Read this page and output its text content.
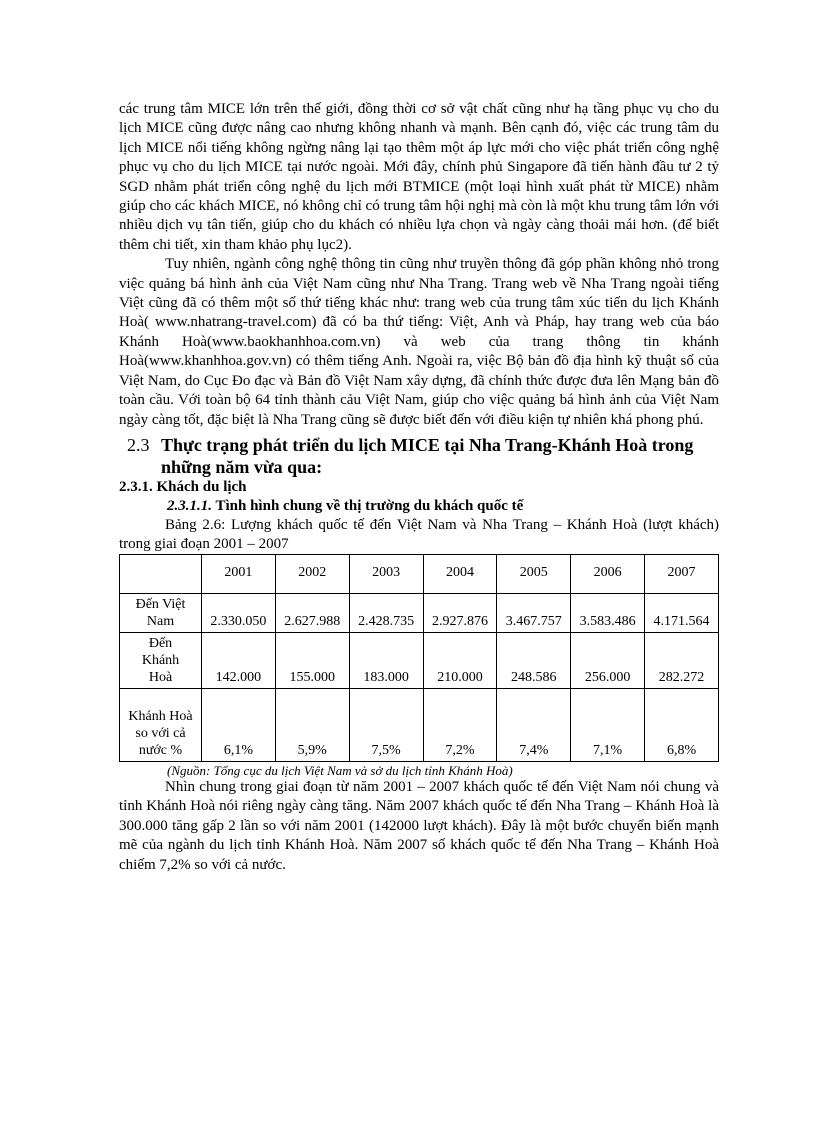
các trung tâm MICE lớn trên thế giới, đồng thời cơ sở vật chất cũng như hạ tầng phục vụ cho du lịch MICE cũng được nâng cao nhưng không nhanh và mạnh. Bên cạnh đó, việc các trung tâm du lịch MICE nổi tiếng không ngừng nâng lại tạo thêm một áp lực mới cho việc phát triển công nghệ phục vụ cho du lịch MICE tại nước ngoài. Mới đây, chính phủ Singapore đã tiến hành đầu tư 2 tỷ SGD nhằm phát triển công nghệ du lịch mới BTMICE (một loại hình xuất phát từ MICE) nhằm giúp cho các khách MICE, nó không chỉ có trung tâm hội nghị mà còn là một khu trung tâm lớn với nhiều dịch vụ tân tiến, giúp cho du khách có nhiều lựa chọn và ngày càng thoải mái hơn. (để biết thêm chi tiết, xin tham khảo phụ lục2).

Tuy nhiên, ngành công nghệ thông tin cũng như truyền thông đã góp phần không nhỏ trong việc quảng bá hình ảnh của Việt Nam cũng như Nha Trang. Trang web về Nha Trang ngoài tiếng Việt cũng đã có thêm một số thứ tiếng khác như: trang web của trung tâm xúc tiến du lịch Khánh Hoà( www.nhatrang-travel.com) đã có ba thứ tiếng: Việt, Anh và Pháp, hay trang web của báo Khánh Hoà(www.baokhanhhoa.com.vn) và web của trang thông tin khánh Hoà(www.khanhhoa.gov.vn) có thêm tiếng Anh. Ngoài ra, việc Bộ bản đồ địa hình kỹ thuật số của Việt Nam, do Cục Đo đạc và Bản đồ Việt Nam xây dựng, đã chính thức được đưa lên Mạng bản đồ toàn cầu. Với toàn bộ 64 tỉnh thành cảu Việt Nam, giúp cho việc quảng bá hình ảnh của Việt Nam ngày càng tốt, đặc biệt là Nha Trang cũng sẽ được biết đến với điều kiện tự nhiên khá phong phú.

2.3 Thực trạng phát triển du lịch MICE tại Nha Trang-Khánh Hoà trong những năm vừa qua:

2.3.1. Khách du lịch

2.3.1.1. Tình hình chung về thị trường du khách quốc tế

Bảng 2.6: Lượng khách quốc tế đến Việt Nam và Nha Trang – Khánh Hoà (lượt khách) trong giai đoạn 2001 – 2007

	2001	2002	2003	2004	2005	2006	2007
Đến Việt Nam	2.330.050	2.627.988	2.428.735	2.927.876	3.467.757	3.583.486	4.171.564
Đến Khánh Hoà	142.000	155.000	183.000	210.000	248.586	256.000	282.272
Khánh Hoà so với cả nước %	6,1%	5,9%	7,5%	7,2%	7,4%	7,1%	6,8%

(Nguồn: Tổng cục du lịch Việt Nam và sở du lịch tỉnh Khánh Hoà)

Nhìn chung trong giai đoạn từ năm 2001 – 2007 khách quốc tế đến Việt Nam nói chung và tỉnh Khánh Hoà nói riêng ngày càng tăng. Năm 2007 khách quốc tế đến Nha Trang – Khánh Hoà là 300.000 tăng gấp 2 lần so với năm 2001 (142000 lượt khách). Đây là một bước chuyển biến mạnh mẽ của ngành du lịch tỉnh Khánh Hoà. Năm 2007 số khách quốc tế đến Nha Trang – Khánh Hoà chiếm 7,2% so với cả nước.
